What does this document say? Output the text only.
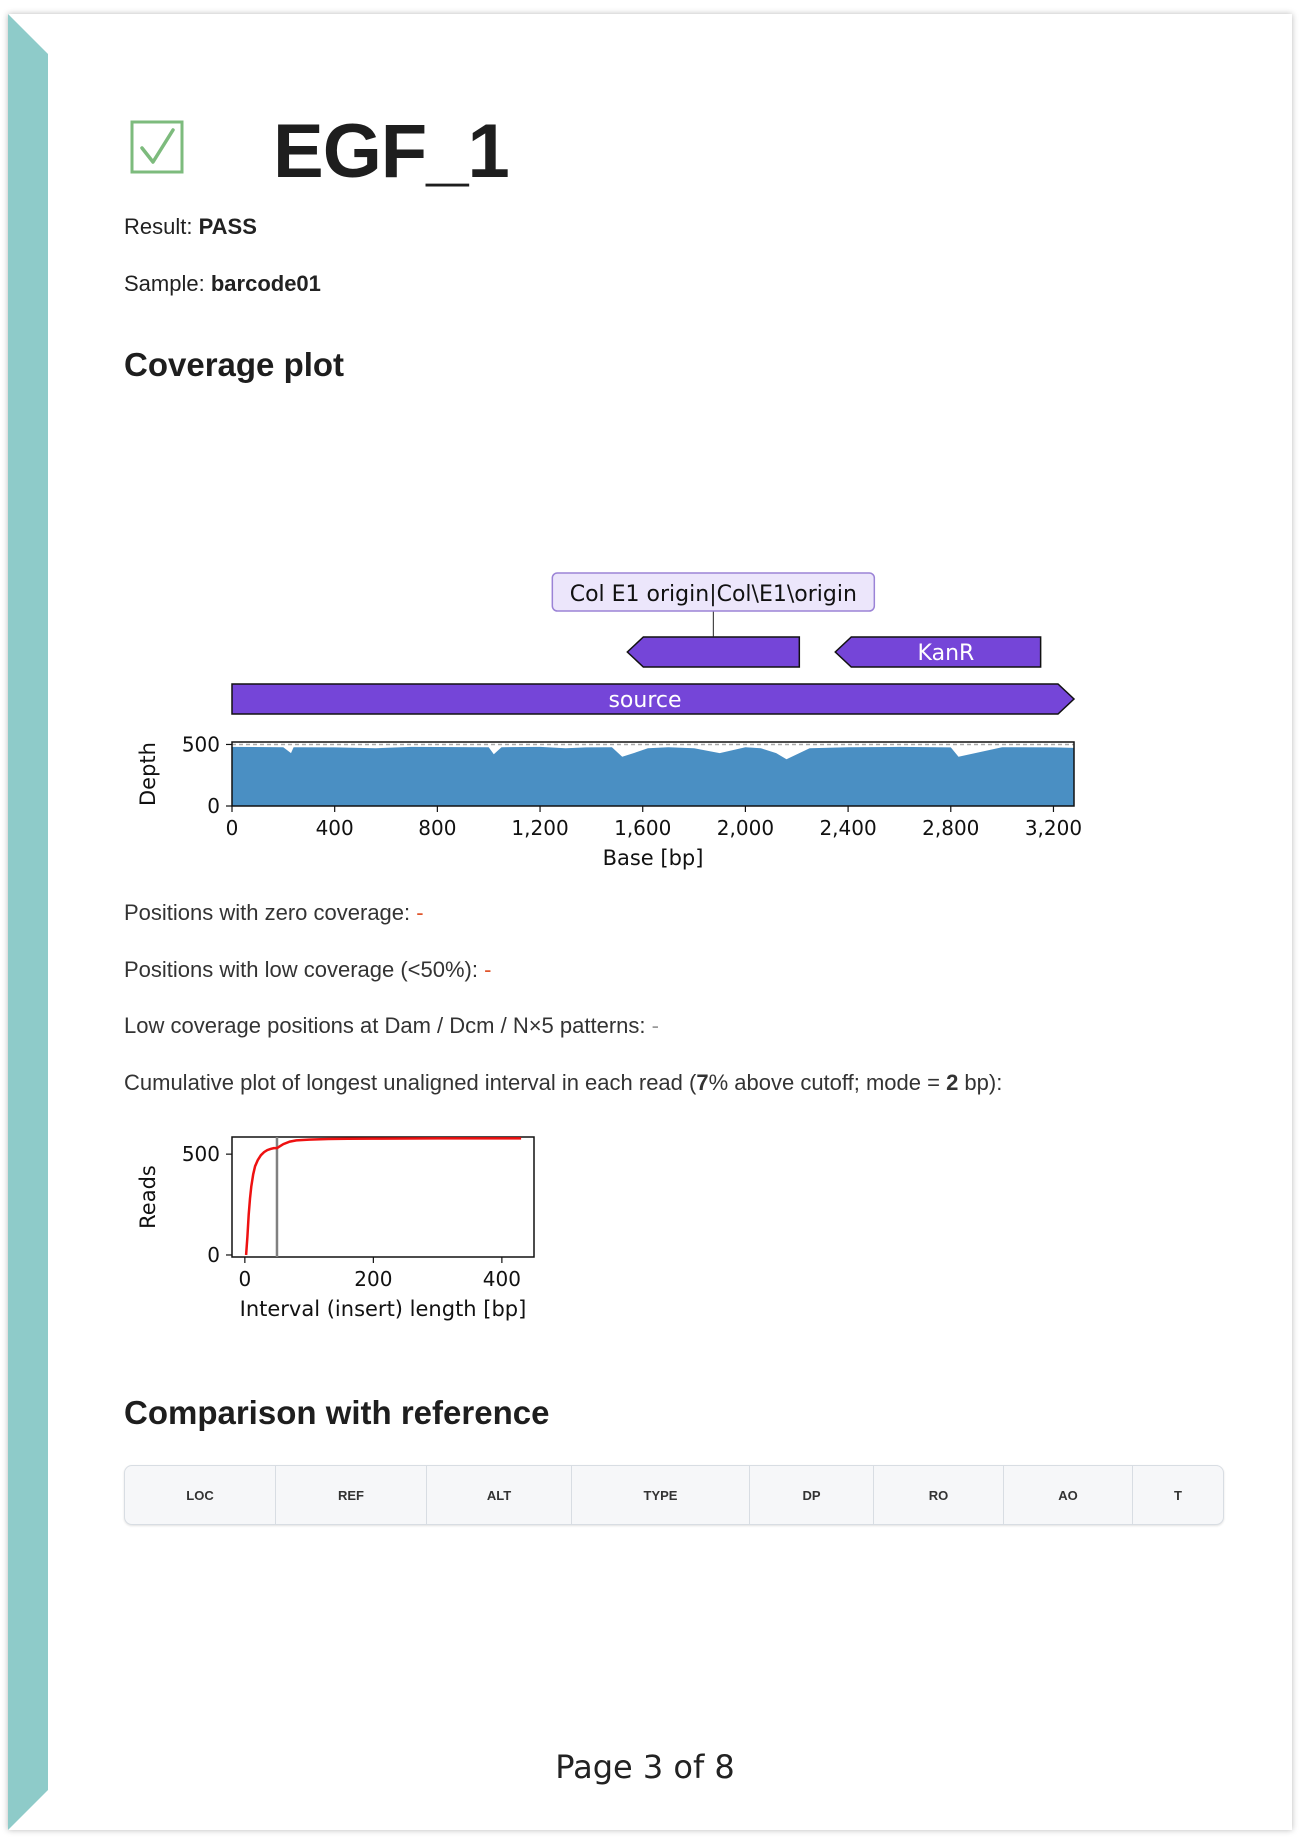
EGF_1
Result: PASS
Sample: barcode01
Coverage plot
source
KanR
Col E1 origin|Col\E1\origin
0	400	800	1,200 1,600 2,000 2,400 2,800 3,200
0
500
Base [bp]
Depth
Positions with zero coverage: -
Positions with low coverage (<50%): -
Low coverage positions at Dam / Dcm / N×5 patterns: -
Cumulative plot of longest unaligned interval in each read (7% above cutoff; mode = 2 bp):
0	200	400
0
500
Interval (insert) length [bp]
Reads
Comparison with reference
LOC	REF	ALT	TYPE	DP	RO	AO	T
Page 3 of 8
